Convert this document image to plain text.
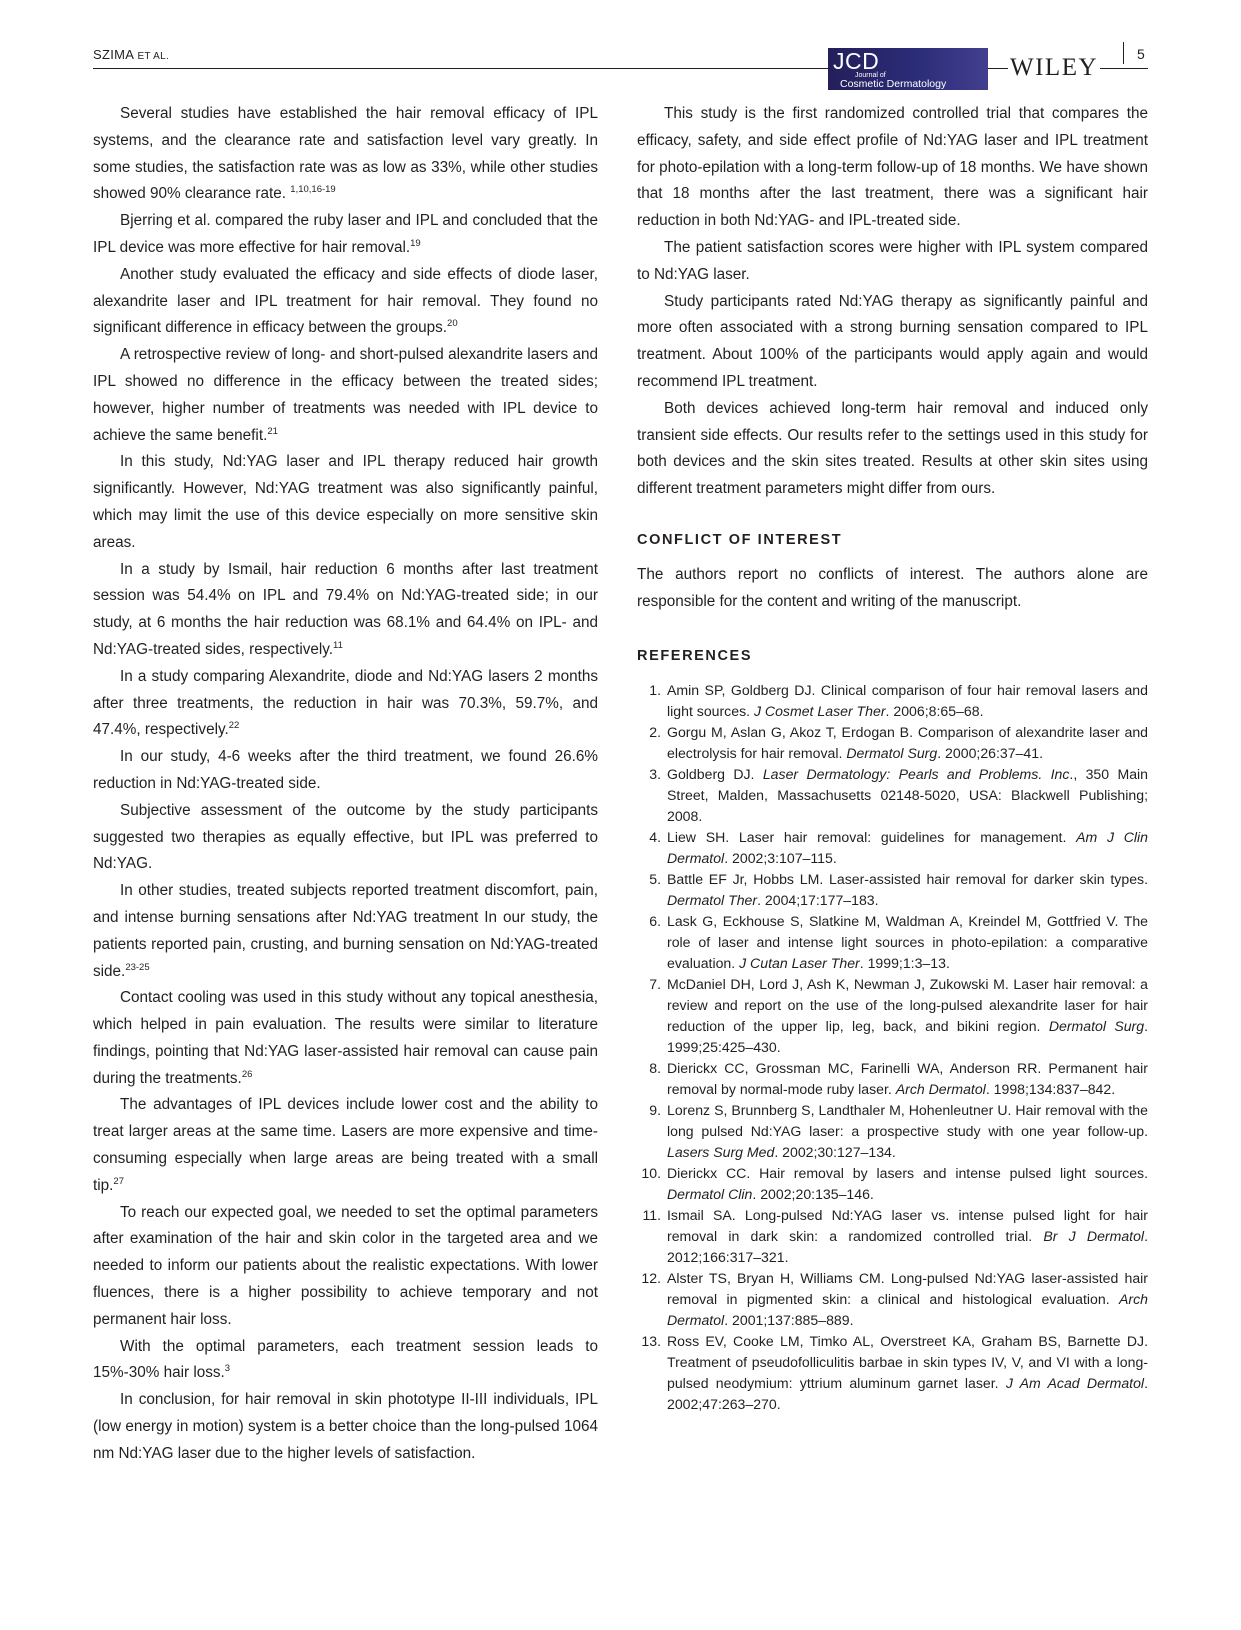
SZIMA ET AL.	JCD
Journal of
Cosmetic Dermatology
WILEY	5

Several studies have established the hair removal efficacy of IPL systems, and the clearance rate and satisfaction level vary greatly. In some studies, the satisfaction rate was as low as 33%, while other studies showed 90% clearance rate. $^{1,10,16-19}$

Bjerring et al. compared the ruby laser and IPL and concluded that the IPL device was more effective for hair removal.$^{19}$

Another study evaluated the efficacy and side effects of diode laser, alexandrite laser and IPL treatment for hair removal. They found no significant difference in efficacy between the groups.$^{20}$

A retrospective review of long- and short-pulsed alexandrite lasers and IPL showed no difference in the efficacy between the treated sides; however, higher number of treatments was needed with IPL device to achieve the same benefit.$^{21}$

In this study, Nd:YAG laser and IPL therapy reduced hair growth significantly. However, Nd:YAG treatment was also significantly painful, which may limit the use of this device especially on more sensitive skin areas.

In a study by Ismail, hair reduction 6 months after last treatment session was 54.4% on IPL and 79.4% on Nd:YAG-treated side; in our study, at 6 months the hair reduction was 68.1% and 64.4% on IPL- and Nd:YAG-treated sides, respectively.$^{11}$

In a study comparing Alexandrite, diode and Nd:YAG lasers 2 months after three treatments, the reduction in hair was 70.3%, 59.7%, and 47.4%, respectively.$^{22}$

In our study, 4-6 weeks after the third treatment, we found 26.6% reduction in Nd:YAG-treated side.

Subjective assessment of the outcome by the study participants suggested two therapies as equally effective, but IPL was preferred to Nd:YAG.

In other studies, treated subjects reported treatment discomfort, pain, and intense burning sensations after Nd:YAG treatment In our study, the patients reported pain, crusting, and burning sensation on Nd:YAG-treated side.$^{23-25}$

Contact cooling was used in this study without any topical anesthesia, which helped in pain evaluation. The results were similar to literature findings, pointing that Nd:YAG laser-assisted hair removal can cause pain during the treatments.$^{26}$

The advantages of IPL devices include lower cost and the ability to treat larger areas at the same time. Lasers are more expensive and time-consuming especially when large areas are being treated with a small tip.$^{27}$

To reach our expected goal, we needed to set the optimal parameters after examination of the hair and skin color in the targeted area and we needed to inform our patients about the realistic expectations. With lower fluences, there is a higher possibility to achieve temporary and not permanent hair loss.

With the optimal parameters, each treatment session leads to 15%-30% hair loss.$^3$

In conclusion, for hair removal in skin phototype II-III individuals, IPL (low energy in motion) system is a better choice than the long-pulsed 1064 nm Nd:YAG laser due to the higher levels of satisfaction.

This study is the first randomized controlled trial that compares the efficacy, safety, and side effect profile of Nd:YAG laser and IPL treatment for photo-epilation with a long-term follow-up of 18 months. We have shown that 18 months after the last treatment, there was a significant hair reduction in both Nd:YAG- and IPL-treated side.

The patient satisfaction scores were higher with IPL system compared to Nd:YAG laser.

Study participants rated Nd:YAG therapy as significantly painful and more often associated with a strong burning sensation compared to IPL treatment. About 100% of the participants would apply again and would recommend IPL treatment.

Both devices achieved long-term hair removal and induced only transient side effects. Our results refer to the settings used in this study for both devices and the skin sites treated. Results at other skin sites using different treatment parameters might differ from ours.

CONFLICT OF INTEREST

The authors report no conflicts of interest. The authors alone are responsible for the content and writing of the manuscript.

REFERENCES
1. Amin SP, Goldberg DJ. Clinical comparison of four hair removal lasers and light sources. J Cosmet Laser Ther. 2006;8:65–68.
2. Gorgu M, Aslan G, Akoz T, Erdogan B. Comparison of alexandrite laser and electrolysis for hair removal. Dermatol Surg. 2000;26:37–41.
3. Goldberg DJ. Laser Dermatology: Pearls and Problems. Inc., 350 Main Street, Malden, Massachusetts 02148-5020, USA: Blackwell Publishing; 2008.
4. Liew SH. Laser hair removal: guidelines for management. Am J Clin Dermatol. 2002;3:107–115.
5. Battle EF Jr, Hobbs LM. Laser-assisted hair removal for darker skin types. Dermatol Ther. 2004;17:177–183.
6. Lask G, Eckhouse S, Slatkine M, Waldman A, Kreindel M, Gottfried V. The role of laser and intense light sources in photo-epilation: a comparative evaluation. J Cutan Laser Ther. 1999;1:3–13.
7. McDaniel DH, Lord J, Ash K, Newman J, Zukowski M. Laser hair removal: a review and report on the use of the long-pulsed alexandrite laser for hair reduction of the upper lip, leg, back, and bikini region. Dermatol Surg. 1999;25:425–430.
8. Dierickx CC, Grossman MC, Farinelli WA, Anderson RR. Permanent hair removal by normal-mode ruby laser. Arch Dermatol. 1998;134:837–842.
9. Lorenz S, Brunnberg S, Landthaler M, Hohenleutner U. Hair removal with the long pulsed Nd:YAG laser: a prospective study with one year follow-up. Lasers Surg Med. 2002;30:127–134.
10. Dierickx CC. Hair removal by lasers and intense pulsed light sources. Dermatol Clin. 2002;20:135–146.
11. Ismail SA. Long-pulsed Nd:YAG laser vs. intense pulsed light for hair removal in dark skin: a randomized controlled trial. Br J Dermatol. 2012;166:317–321.
12. Alster TS, Bryan H, Williams CM. Long-pulsed Nd:YAG laser-assisted hair removal in pigmented skin: a clinical and histological evaluation. Arch Dermatol. 2001;137:885–889.
13. Ross EV, Cooke LM, Timko AL, Overstreet KA, Graham BS, Barnette DJ. Treatment of pseudofolliculitis barbae in skin types IV, V, and VI with a long-pulsed neodymium: yttrium aluminum garnet laser. J Am Acad Dermatol. 2002;47:263–270.
